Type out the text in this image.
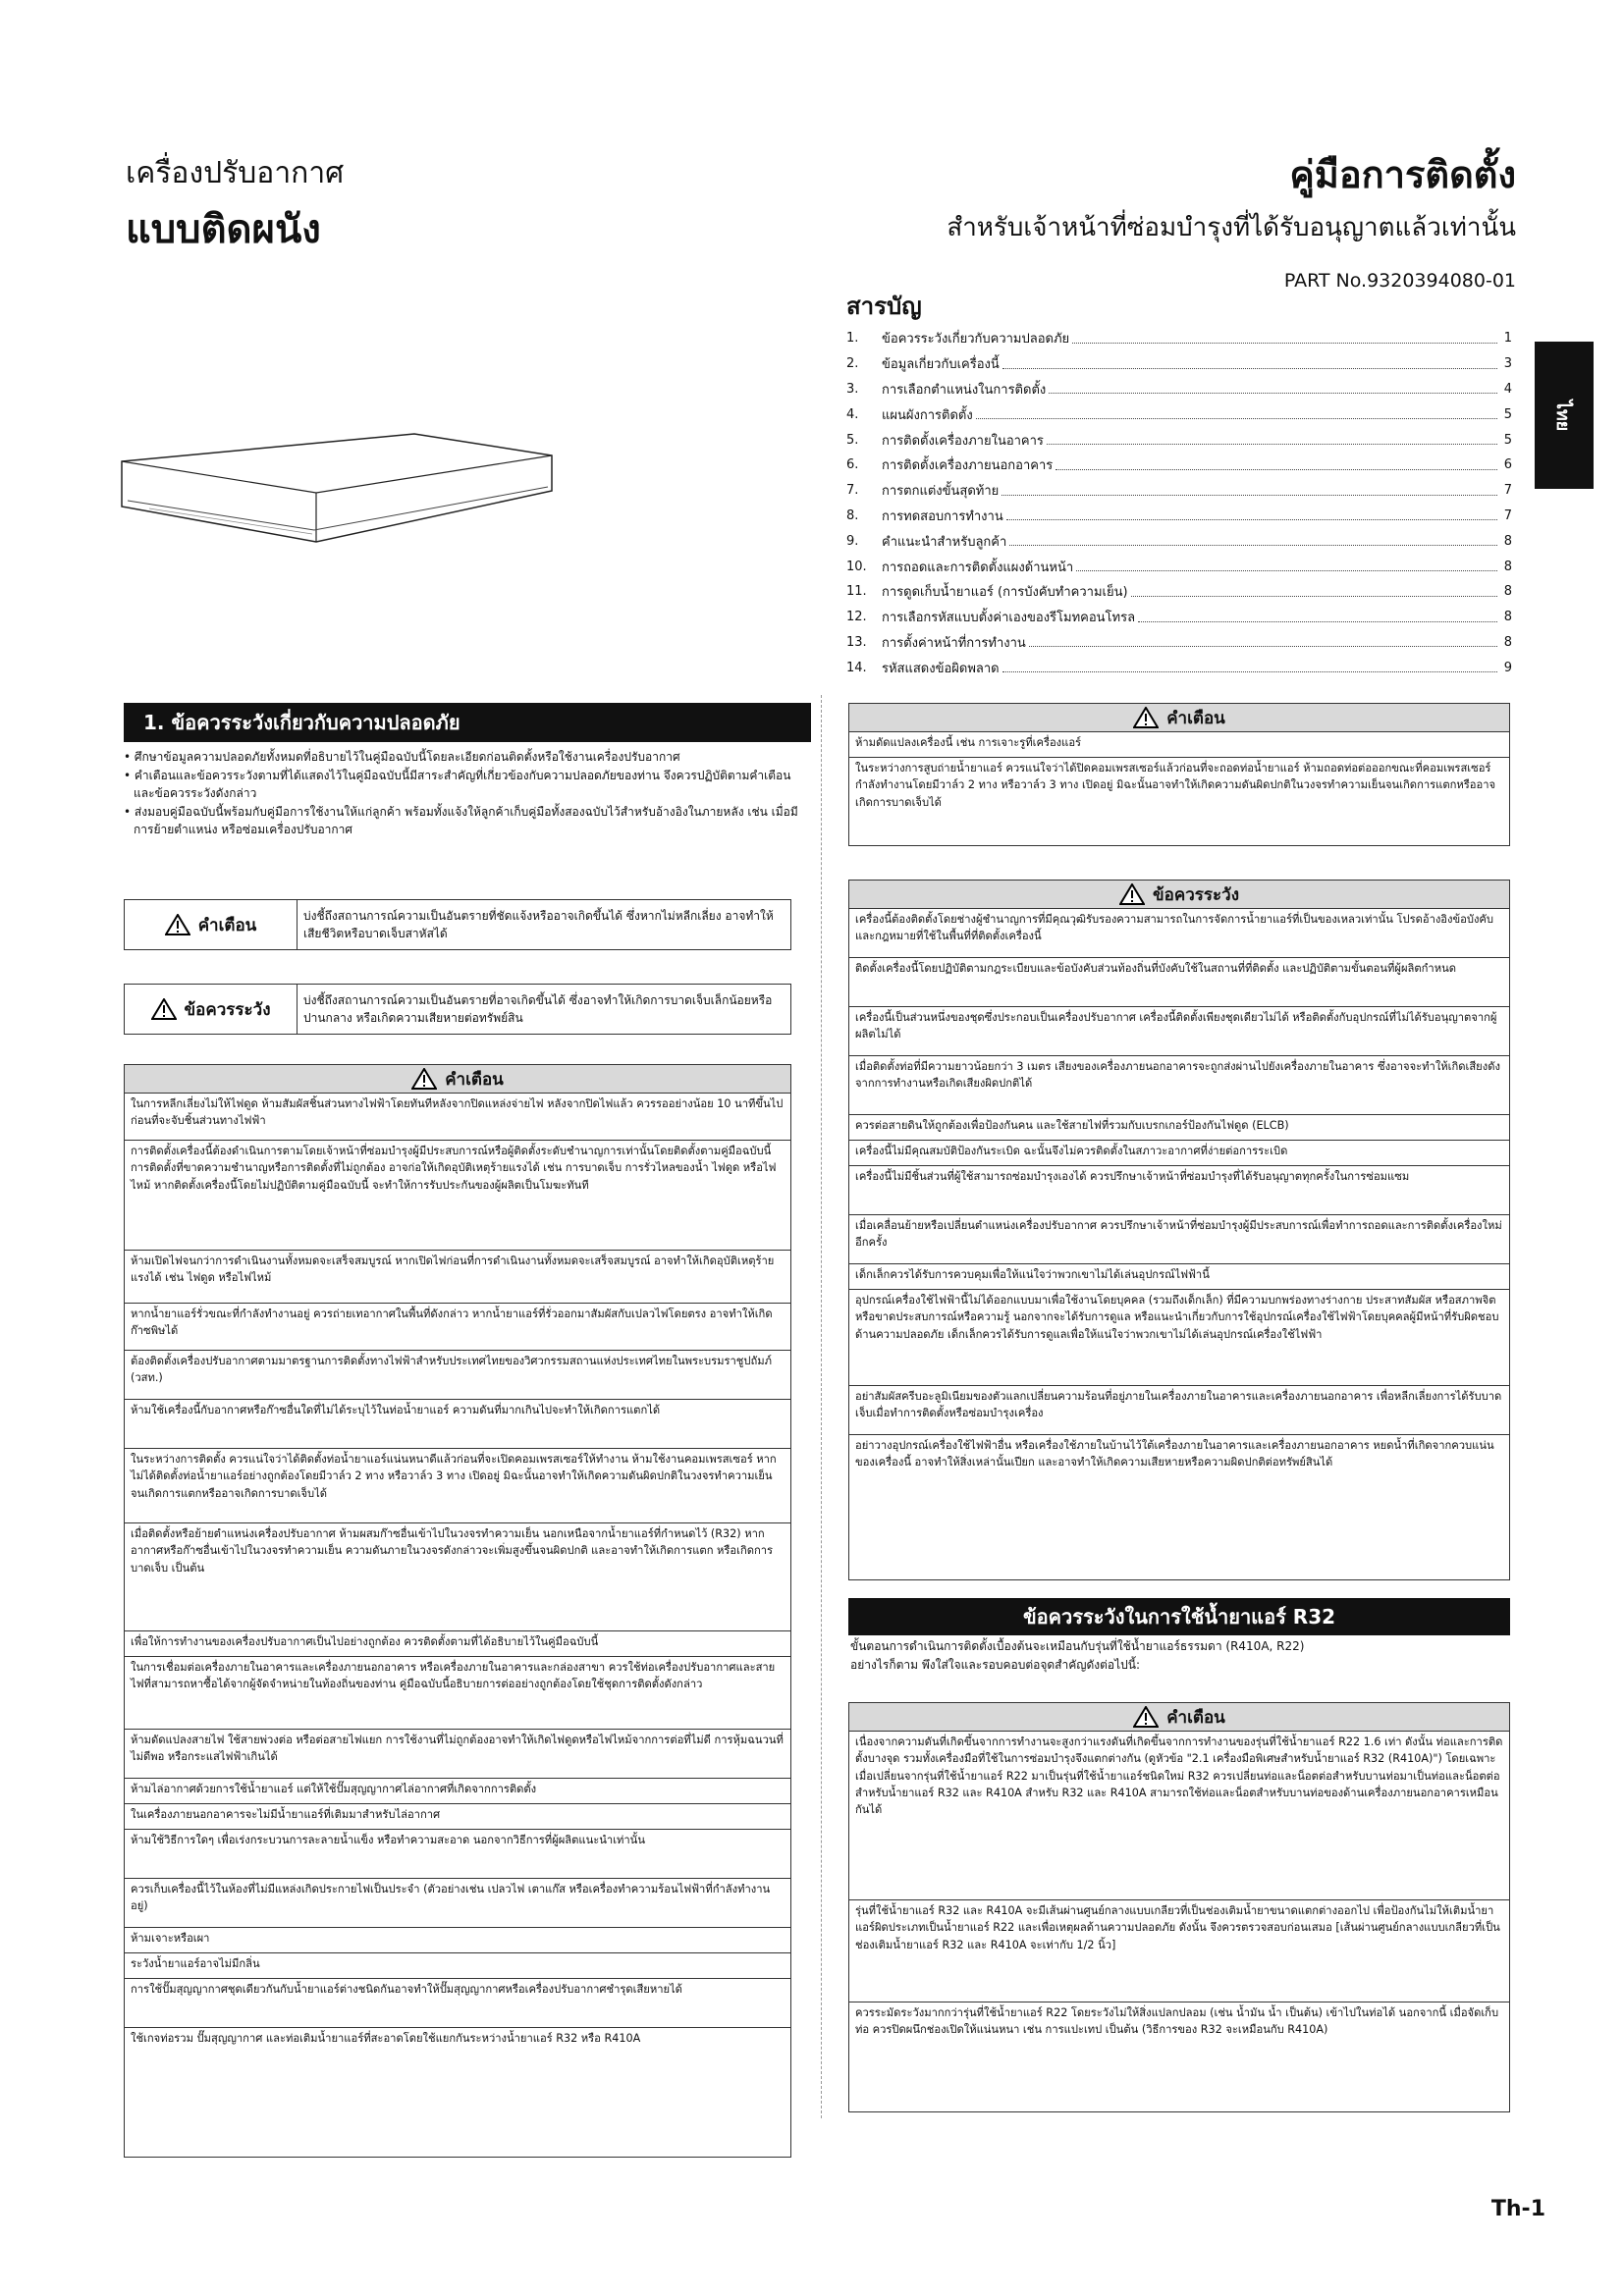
เครื่องปรับอากาศ
แบบติดผนัง
คู่มือการติดตั้ง
สำหรับเจ้าหน้าที่ซ่อมบำรุงที่ได้รับอนุญาตแล้วเท่านั้น
PART No.9320394080-01
สารบัญ
1.	ข้อควรระวังเกี่ยวกับความปลอดภัย	1
2.	ข้อมูลเกี่ยวกับเครื่องนี้	3
3.	การเลือกตำแหน่งในการติดตั้ง	4
4.	แผนผังการติดตั้ง	5
5.	การติดตั้งเครื่องภายในอาคาร	5
6.	การติดตั้งเครื่องภายนอกอาคาร	6
7.	การตกแต่งขั้นสุดท้าย	7
8.	การทดสอบการทำงาน	7
9.	คำแนะนำสำหรับลูกค้า	8
10.	การถอดและการติดตั้งแผงด้านหน้า	8
11.	การดูดเก็บน้ำยาแอร์ (การบังคับทำความเย็น)	8
12.	การเลือกรหัสแบบตั้งค่าเองของรีโมทคอนโทรล	8
13.	การตั้งค่าหน้าที่การทำงาน	8
14.	รหัสแสดงข้อผิดพลาด	9
ไทย
1. ข้อควรระวังเกี่ยวกับความปลอดภัย

• ศึกษาข้อมูลความปลอดภัยทั้งหมดที่อธิบายไว้ในคู่มือฉบับนี้โดยละเอียดก่อนติดตั้งหรือใช้งานเครื่องปรับอากาศ

• คำเตือนและข้อควรระวังตามที่ได้แสดงไว้ในคู่มือฉบับนี้มีสาระสำคัญที่เกี่ยวข้องกับความปลอดภัยของท่าน จึงควรปฏิบัติตามคำเตือนและข้อควรระวังดังกล่าว

• ส่งมอบคู่มือฉบับนี้พร้อมกับคู่มือการใช้งานให้แก่ลูกค้า พร้อมทั้งแจ้งให้ลูกค้าเก็บคู่มือทั้งสองฉบับไว้สำหรับอ้างอิงในภายหลัง เช่น เมื่อมีการย้ายตำแหน่ง หรือซ่อมเครื่องปรับอากาศ

คำเตือน	บ่งชี้ถึงสถานการณ์ความเป็นอันตรายที่ชัดแจ้งหรืออาจเกิดขึ้นได้ ซึ่งหากไม่หลีกเลี่ยง อาจทำให้เสียชีวิตหรือบาดเจ็บสาหัสได้
ข้อควรระวัง	บ่งชี้ถึงสถานการณ์ความเป็นอันตรายที่อาจเกิดขึ้นได้ ซึ่งอาจทำให้เกิดการบาดเจ็บเล็กน้อยหรือปานกลาง หรือเกิดความเสียหายต่อทรัพย์สิน
คำเตือน
ในการหลีกเลี่ยงไม่ให้ไฟดูด ห้ามสัมผัสชิ้นส่วนทางไฟฟ้าโดยทันทีหลังจากปิดแหล่งจ่ายไฟ หลังจากปิดไฟแล้ว ควรรออย่างน้อย 10 นาทีขึ้นไป ก่อนที่จะจับชิ้นส่วนทางไฟฟ้า
การติดตั้งเครื่องนี้ต้องดำเนินการตามโดยเจ้าหน้าที่ซ่อมบำรุงผู้มีประสบการณ์หรือผู้ติดตั้งระดับชำนาญการเท่านั้นโดยติดตั้งตามคู่มือฉบับนี้ การติดตั้งที่ขาดความชำนาญหรือการติดตั้งที่ไม่ถูกต้อง อาจก่อให้เกิดอุบัติเหตุร้ายแรงได้ เช่น การบาดเจ็บ การรั่วไหลของน้ำ ไฟดูด หรือไฟไหม้ หากติดตั้งเครื่องนี้โดยไม่ปฏิบัติตามคู่มือฉบับนี้ จะทำให้การรับประกันของผู้ผลิตเป็นโมฆะทันที
ห้ามเปิดไฟจนกว่าการดำเนินงานทั้งหมดจะเสร็จสมบูรณ์ หากเปิดไฟก่อนที่การดำเนินงานทั้งหมดจะเสร็จสมบูรณ์ อาจทำให้เกิดอุบัติเหตุร้ายแรงได้ เช่น ไฟดูด หรือไฟไหม้
หากน้ำยาแอร์รั่วขณะที่กำลังทำงานอยู่ ควรถ่ายเทอากาศในพื้นที่ดังกล่าว หากน้ำยาแอร์ที่รั่วออกมาสัมผัสกับเปลวไฟโดยตรง อาจทำให้เกิดก๊าซพิษได้
ต้องติดตั้งเครื่องปรับอากาศตามมาตรฐานการติดตั้งทางไฟฟ้าสำหรับประเทศไทยของวิศวกรรมสถานแห่งประเทศไทยในพระบรมราชูปถัมภ์ (วสท.)
ห้ามใช้เครื่องนี้กับอากาศหรือก๊าซอื่นใดที่ไม่ได้ระบุไว้ในท่อน้ำยาแอร์ ความดันที่มากเกินไปจะทำให้เกิดการแตกได้
ในระหว่างการติดตั้ง ควรแน่ใจว่าได้ติดตั้งท่อน้ำยาแอร์แน่นหนาดีแล้วก่อนที่จะเปิดคอมเพรสเซอร์ให้ทำงาน ห้ามใช้งานคอมเพรสเซอร์ หากไม่ได้ติดตั้งท่อน้ำยาแอร์อย่างถูกต้องโดยมีวาล์ว 2 ทาง หรือวาล์ว 3 ทาง เปิดอยู่ มิฉะนั้นอาจทำให้เกิดความดันผิดปกติในวงจรทำความเย็นจนเกิดการแตกหรืออาจเกิดการบาดเจ็บได้
เมื่อติดตั้งหรือย้ายตำแหน่งเครื่องปรับอากาศ ห้ามผสมก๊าซอื่นเข้าไปในวงจรทำความเย็น นอกเหนือจากน้ำยาแอร์ที่กำหนดไว้ (R32) หากอากาศหรือก๊าซอื่นเข้าไปในวงจรทำความเย็น ความดันภายในวงจรดังกล่าวจะเพิ่มสูงขึ้นจนผิดปกติ และอาจทำให้เกิดการแตก หรือเกิดการบาดเจ็บ เป็นต้น
เพื่อให้การทำงานของเครื่องปรับอากาศเป็นไปอย่างถูกต้อง ควรติดตั้งตามที่ได้อธิบายไว้ในคู่มือฉบับนี้
ในการเชื่อมต่อเครื่องภายในอาคารและเครื่องภายนอกอาคาร หรือเครื่องภายในอาคารและกล่องสาขา ควรใช้ท่อเครื่องปรับอากาศและสายไฟที่สามารถหาซื้อได้จากผู้จัดจำหน่ายในท้องถิ่นของท่าน คู่มือฉบับนี้อธิบายการต่ออย่างถูกต้องโดยใช้ชุดการติดตั้งดังกล่าว
ห้ามดัดแปลงสายไฟ ใช้สายพ่วงต่อ หรือต่อสายไฟแยก การใช้งานที่ไม่ถูกต้องอาจทำให้เกิดไฟดูดหรือไฟไหม้จากการต่อที่ไม่ดี การหุ้มฉนวนที่ไม่ดีพอ หรือกระแสไฟฟ้าเกินได้
ห้ามไล่อากาศด้วยการใช้น้ำยาแอร์ แต่ให้ใช้ปั๊มสุญญากาศไล่อากาศที่เกิดจากการติดตั้ง
ในเครื่องภายนอกอาคารจะไม่มีน้ำยาแอร์ที่เติมมาสำหรับไล่อากาศ
ห้ามใช้วิธีการใดๆ เพื่อเร่งกระบวนการละลายน้ำแข็ง หรือทำความสะอาด นอกจากวิธีการที่ผู้ผลิตแนะนำเท่านั้น
ควรเก็บเครื่องนี้ไว้ในห้องที่ไม่มีแหล่งเกิดประกายไฟเป็นประจำ (ตัวอย่างเช่น เปลวไฟ เตาแก๊ส หรือเครื่องทำความร้อนไฟฟ้าที่กำลังทำงานอยู่)
ห้ามเจาะหรือเผา
ระวังน้ำยาแอร์อาจไม่มีกลิ่น
การใช้ปั๊มสุญญากาศชุดเดียวกันกับน้ำยาแอร์ต่างชนิดกันอาจทำให้ปั๊มสุญญากาศหรือเครื่องปรับอากาศชำรุดเสียหายได้
ใช้เกจท่อรวม ปั๊มสุญญากาศ และท่อเติมน้ำยาแอร์ที่สะอาดโดยใช้แยกกันระหว่างน้ำยาแอร์ R32 หรือ R410A
คำเตือน
ห้ามดัดแปลงเครื่องนี้ เช่น การเจาะรูที่เครื่องแอร์
ในระหว่างการสูบถ่ายน้ำยาแอร์ ควรแน่ใจว่าได้ปิดคอมเพรสเซอร์แล้วก่อนที่จะถอดท่อน้ำยาแอร์ ห้ามถอดท่อต่อออกขณะที่คอมเพรสเซอร์กำลังทำงานโดยมีวาล์ว 2 ทาง หรือวาล์ว 3 ทาง เปิดอยู่ มิฉะนั้นอาจทำให้เกิดความดันผิดปกติในวงจรทำความเย็นจนเกิดการแตกหรืออาจเกิดการบาดเจ็บได้
ข้อควรระวัง
เครื่องนี้ต้องติดตั้งโดยช่างผู้ชำนาญการที่มีคุณวุฒิรับรองความสามารถในการจัดการน้ำยาแอร์ที่เป็นของเหลวเท่านั้น โปรดอ้างอิงข้อบังคับและกฎหมายที่ใช้ในพื้นที่ที่ติดตั้งเครื่องนี้
ติดตั้งเครื่องนี้โดยปฏิบัติตามกฎระเบียบและข้อบังคับส่วนท้องถิ่นที่บังคับใช้ในสถานที่ที่ติดตั้ง และปฏิบัติตามขั้นตอนที่ผู้ผลิตกำหนด
เครื่องนี้เป็นส่วนหนึ่งของชุดซึ่งประกอบเป็นเครื่องปรับอากาศ เครื่องนี้ติดตั้งเพียงชุดเดียวไม่ได้ หรือติดตั้งกับอุปกรณ์ที่ไม่ได้รับอนุญาตจากผู้ผลิตไม่ได้
เมื่อติดตั้งท่อที่มีความยาวน้อยกว่า 3 เมตร เสียงของเครื่องภายนอกอาคารจะถูกส่งผ่านไปยังเครื่องภายในอาคาร ซึ่งอาจจะทำให้เกิดเสียงดังจากการทำงานหรือเกิดเสียงผิดปกติได้
ควรต่อสายดินให้ถูกต้องเพื่อป้องกันคน และใช้สายไฟที่รวมกับเบรกเกอร์ป้องกันไฟดูด (ELCB)
เครื่องนี้ไม่มีคุณสมบัติป้องกันระเบิด ฉะนั้นจึงไม่ควรติดตั้งในสภาวะอากาศที่ง่ายต่อการระเบิด
เครื่องนี้ไม่มีชิ้นส่วนที่ผู้ใช้สามารถซ่อมบำรุงเองได้ ควรปรึกษาเจ้าหน้าที่ซ่อมบำรุงที่ได้รับอนุญาตทุกครั้งในการซ่อมแซม
เมื่อเคลื่อนย้ายหรือเปลี่ยนตำแหน่งเครื่องปรับอากาศ ควรปรึกษาเจ้าหน้าที่ซ่อมบำรุงผู้มีประสบการณ์เพื่อทำการถอดและการติดตั้งเครื่องใหม่อีกครั้ง
เด็กเล็กควรได้รับการควบคุมเพื่อให้แน่ใจว่าพวกเขาไม่ได้เล่นอุปกรณ์ไฟฟ้านี้
อุปกรณ์เครื่องใช้ไฟฟ้านี้ไม่ได้ออกแบบมาเพื่อใช้งานโดยบุคคล (รวมถึงเด็กเล็ก) ที่มีความบกพร่องทางร่างกาย ประสาทสัมผัส หรือสภาพจิต หรือขาดประสบการณ์หรือความรู้ นอกจากจะได้รับการดูแล หรือแนะนำเกี่ยวกับการใช้อุปกรณ์เครื่องใช้ไฟฟ้าโดยบุคคลผู้มีหน้าที่รับผิดชอบด้านความปลอดภัย เด็กเล็กควรได้รับการดูแลเพื่อให้แน่ใจว่าพวกเขาไม่ได้เล่นอุปกรณ์เครื่องใช้ไฟฟ้า
อย่าสัมผัสครีบอะลูมิเนียมของตัวแลกเปลี่ยนความร้อนที่อยู่ภายในเครื่องภายในอาคารและเครื่องภายนอกอาคาร เพื่อหลีกเลี่ยงการได้รับบาดเจ็บเมื่อทำการติดตั้งหรือซ่อมบำรุงเครื่อง
อย่าวางอุปกรณ์เครื่องใช้ไฟฟ้าอื่น หรือเครื่องใช้ภายในบ้านไว้ใต้เครื่องภายในอาคารและเครื่องภายนอกอาคาร หยดน้ำที่เกิดจากควบแน่นของเครื่องนี้ อาจทำให้สิ่งเหล่านั้นเปียก และอาจทำให้เกิดความเสียหายหรือความผิดปกติต่อทรัพย์สินได้
ข้อควรระวังในการใช้น้ำยาแอร์ R32
ขั้นตอนการดำเนินการติดตั้งเบื้องต้นจะเหมือนกับรุ่นที่ใช้น้ำยาแอร์ธรรมดา (R410A, R22)
อย่างไรก็ตาม พึงใส่ใจและรอบคอบต่อจุดสำคัญดังต่อไปนี้:
คำเตือน
เนื่องจากความดันที่เกิดขึ้นจากการทำงานจะสูงกว่าแรงดันที่เกิดขึ้นจากการทำงานของรุ่นที่ใช้น้ำยาแอร์ R22 1.6 เท่า ดังนั้น ท่อและการติดตั้งบางจุด รวมทั้งเครื่องมือที่ใช้ในการซ่อมบำรุงจึงแตกต่างกัน (ดูหัวข้อ "2.1 เครื่องมือพิเศษสำหรับน้ำยาแอร์ R32 (R410A)") โดยเฉพาะเมื่อเปลี่ยนจากรุ่นที่ใช้น้ำยาแอร์ R22 มาเป็นรุ่นที่ใช้น้ำยาแอร์ชนิดใหม่ R32 ควรเปลี่ยนท่อและน็อตต่อสำหรับบานท่อมาเป็นท่อและน็อตต่อสำหรับน้ำยาแอร์ R32 และ R410A สำหรับ R32 และ R410A สามารถใช้ท่อและน็อตสำหรับบานท่อของด้านเครื่องภายนอกอาคารเหมือนกันได้
รุ่นที่ใช้น้ำยาแอร์ R32 และ R410A จะมีเส้นผ่านศูนย์กลางแบบเกลียวที่เป็นช่องเติมน้ำยาขนาดแตกต่างออกไป เพื่อป้องกันไม่ให้เติมน้ำยาแอร์ผิดประเภทเป็นน้ำยาแอร์ R22 และเพื่อเหตุผลด้านความปลอดภัย ดังนั้น จึงควรตรวจสอบก่อนเสมอ [เส้นผ่านศูนย์กลางแบบเกลียวที่เป็นช่องเติมน้ำยาแอร์ R32 และ R410A จะเท่ากับ 1/2 นิ้ว]
ควรระมัดระวังมากกว่ารุ่นที่ใช้น้ำยาแอร์ R22 โดยระวังไม่ให้สิ่งแปลกปลอม (เช่น น้ำมัน น้ำ เป็นต้น) เข้าไปในท่อได้ นอกจากนี้ เมื่อจัดเก็บท่อ ควรปิดผนึกช่องเปิดให้แน่นหนา เช่น การแปะเทป เป็นต้น (วิธีการของ R32 จะเหมือนกับ R410A)
Th-1
